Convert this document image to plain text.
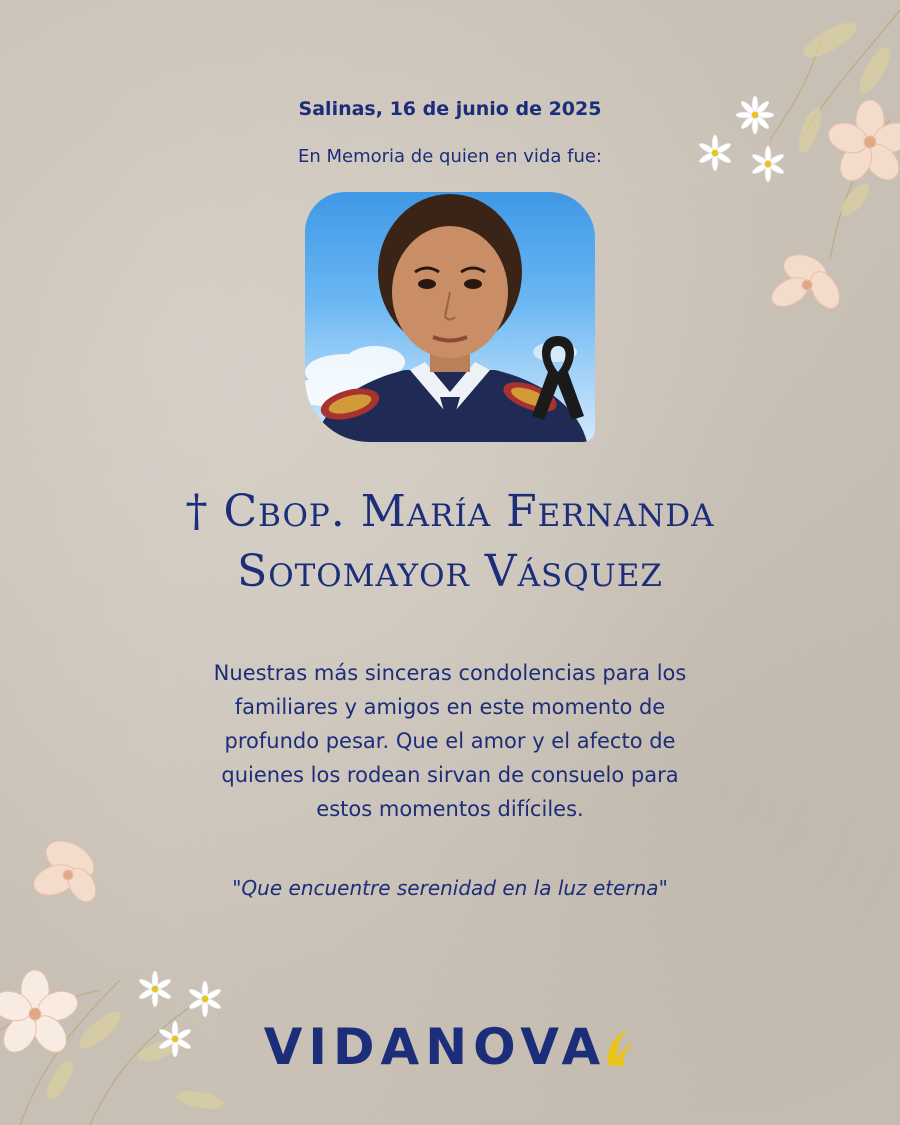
Salinas, 16 de junio de 2025
En Memoria de quien en vida fue:
† Cbop. María Fernanda
Sotomayor Vásquez
Nuestras más sinceras condolencias para los
familiares y amigos en este momento de
profundo pesar. Que el amor y el afecto de
quienes los rodean sirvan de consuelo para
estos momentos difíciles.
"Que encuentre serenidad en la luz eterna"
VIDANOVA
